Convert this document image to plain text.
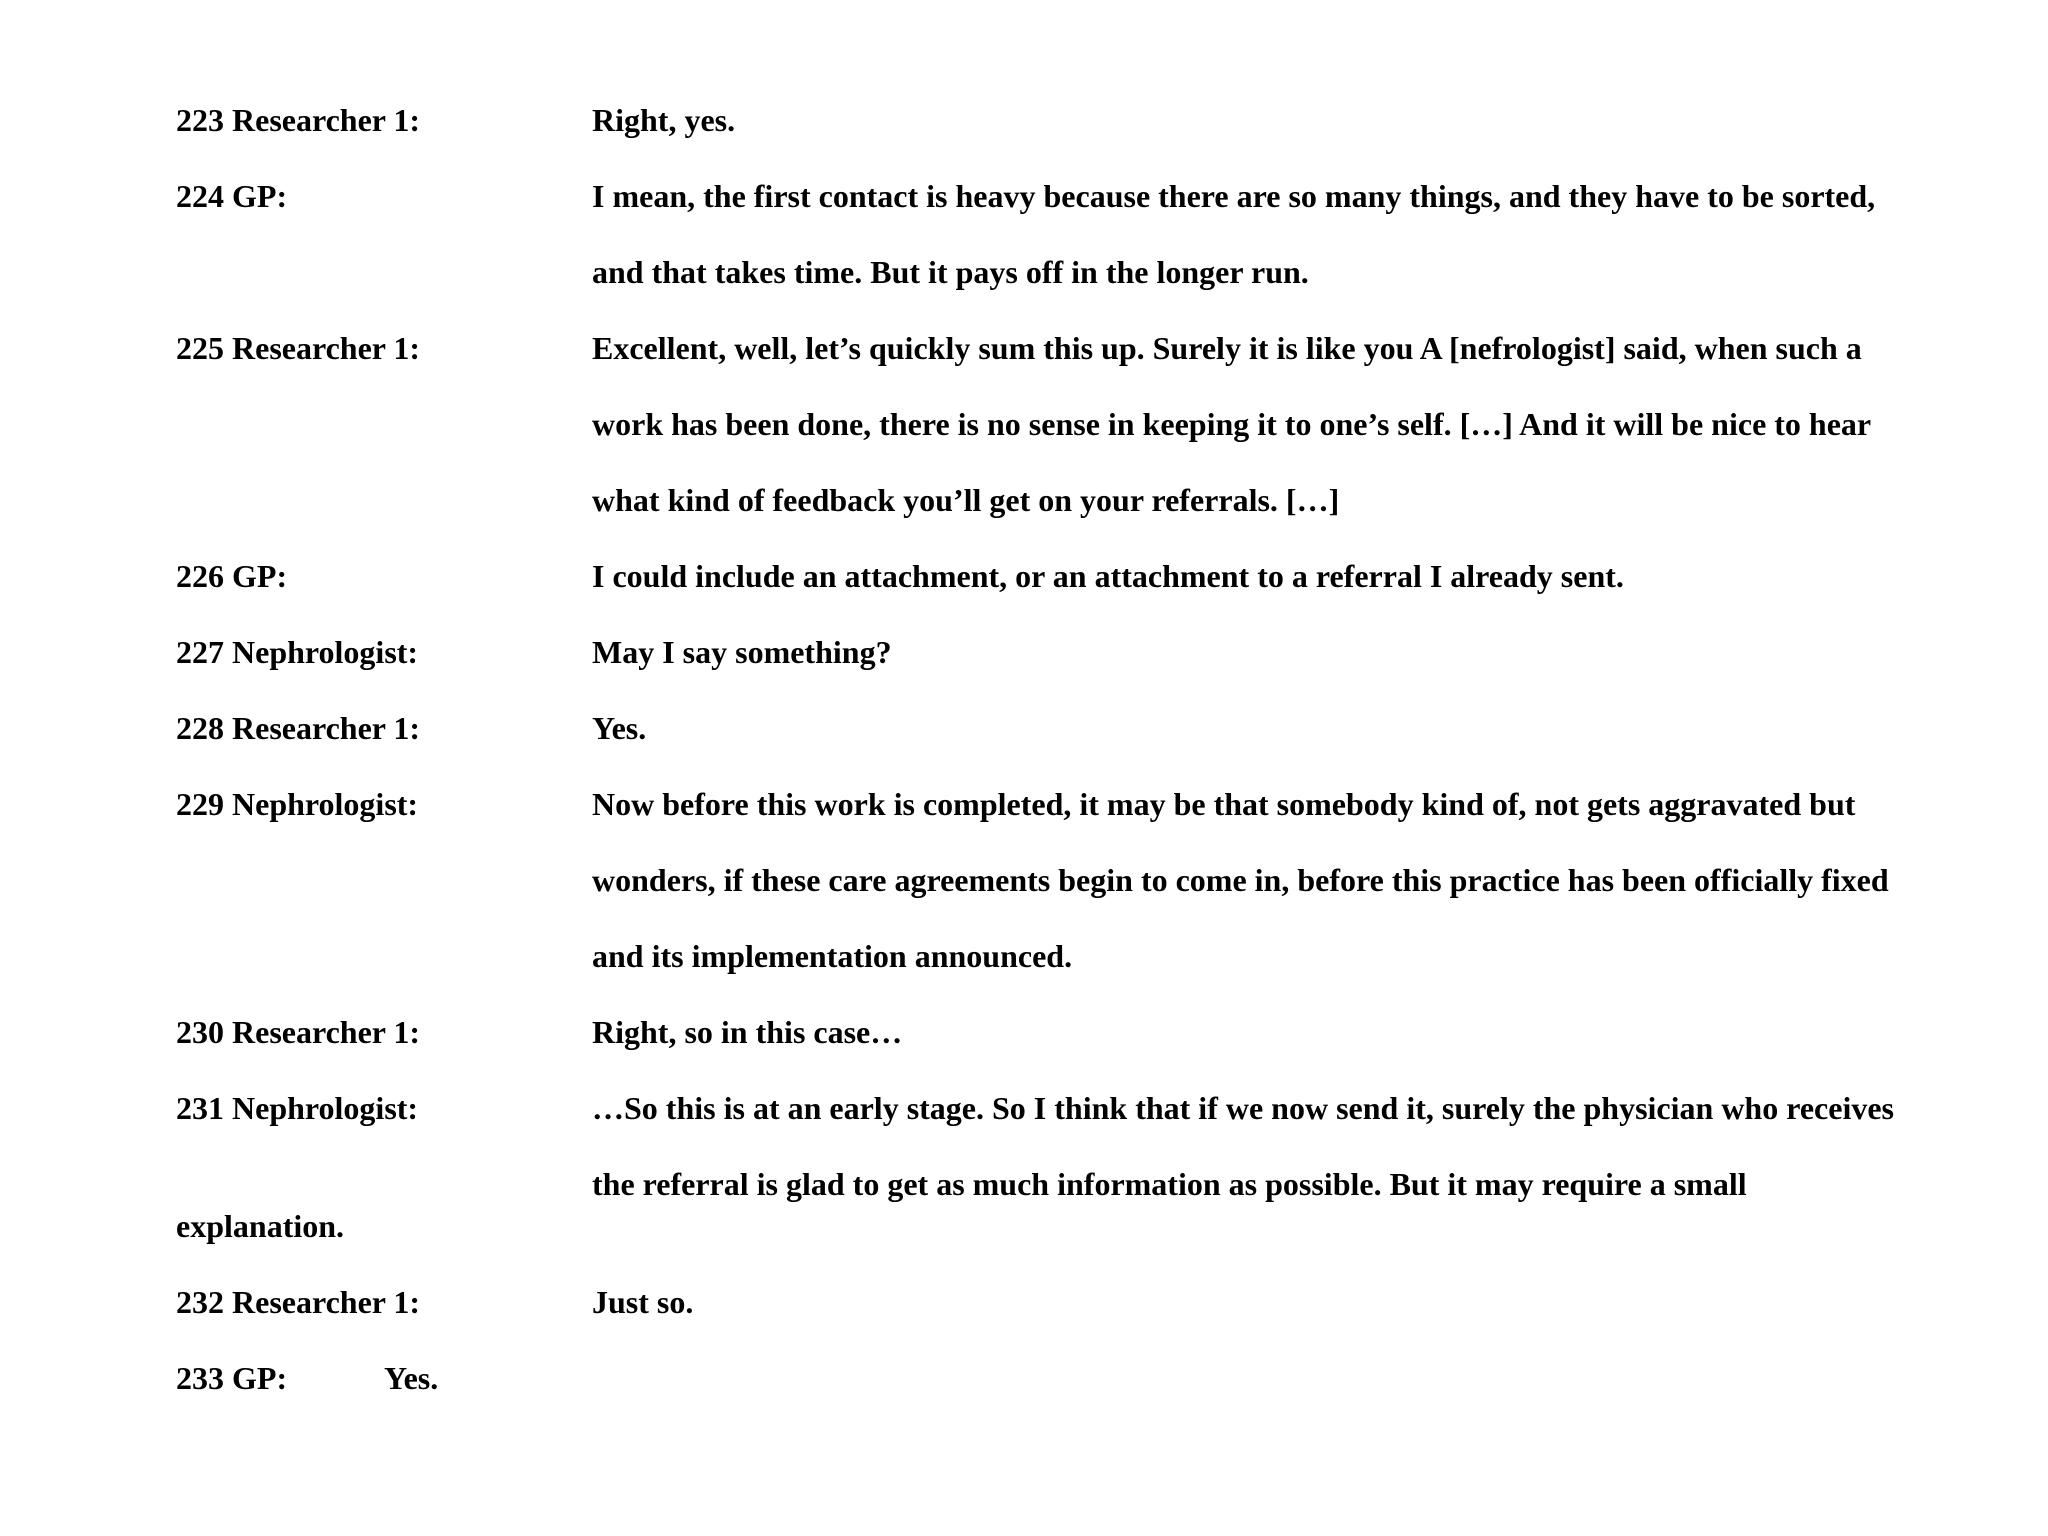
223 Researcher 1:	Right, yes.
224 GP:	I mean, the first contact is heavy because there are so many things, and they have to be sorted,
and that takes time. But it pays off in the longer run.
225 Researcher 1:	Excellent, well, let’s quickly sum this up. Surely it is like you A [nefrologist] said, when such a
work has been done, there is no sense in keeping it to one’s self. […] And it will be nice to hear
what kind of feedback you’ll get on your referrals. […]
226 GP:	I could include an attachment, or an attachment to a referral I already sent.
227 Nephrologist:	May I say something?
228 Researcher 1:	Yes.
229 Nephrologist:	Now before this work is completed, it may be that somebody kind of, not gets aggravated but
wonders, if these care agreements begin to come in, before this practice has been officially fixed
and its implementation announced.
230 Researcher 1:	Right, so in this case…
231 Nephrologist:	…So this is at an early stage. So I think that if we now send it, surely the physician who receives
the referral is glad to get as much information as possible. But it may require a small
explanation.
232 Researcher 1:	Just so.
233 GP:	Yes.
